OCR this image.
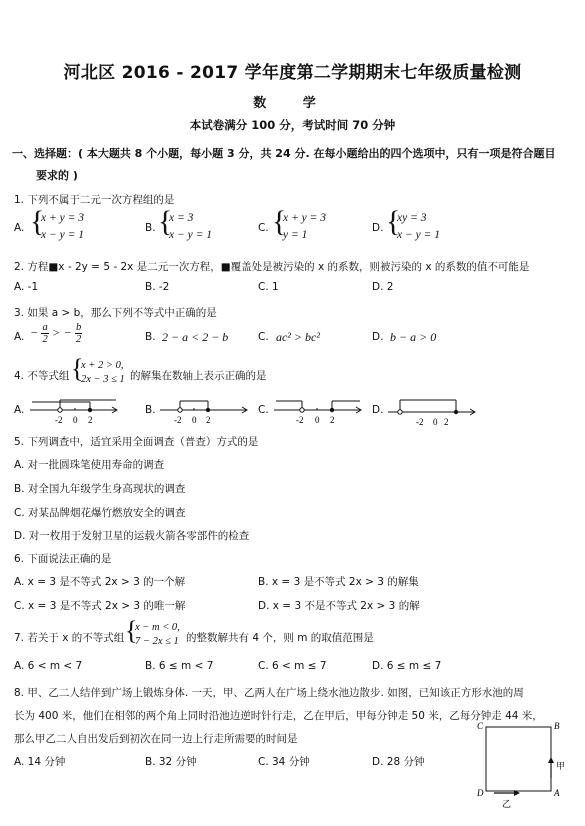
河北区 2016 - 2017 学年度第二学期期末七年级质量检测
数 学
本试卷满分 100 分，考试时间 70 分钟
一、选择题：( 本大题共 8 个小题，每小题 3 分，共 24 分. 在每小题给出的四个选项中，只有一项是符合题目
要求的 )
1. 下列不属于二元一次方程组的是
A. {
x + y = 3
x − y = 1
B. {
x = 3
x − y = 1
C. {
x + y = 3
y = 1
D. {
xy = 3
x − y = 1
2. 方程■x - 2y = 5 - 2x 是二元一次方程，■覆盖处是被污染的 x 的系数，则被污染的 x 的系数的值不可能是
A. -1	B. -2	C. 1	D. 2
3. 如果 a > b，那么下列不等式中正确的是
A. − $\frac{a}{2}$ > − $\frac{b}{2}$	B. 2 − a < 2 − b	C. ac² > bc²	D. b − a > 0
4. 不等式组 {
x + 2 > 0,
2x − 3 ≤ 1 的解集在数轴上表示正确的是
A.
-2 0 2
B.
-2 0 2
C.
-2 0 2
D.
-2 0 2
5. 下列调查中，适宜采用全面调查（普查）方式的是
A. 对一批圆珠笔使用寿命的调查
B. 对全国九年级学生身高现状的调查
C. 对某品牌烟花爆竹燃放安全的调查
D. 对一枚用于发射卫星的运载火箭各零部件的检查
6. 下面说法正确的是
A. x = 3 是不等式 2x > 3 的一个解	B. x = 3 是不等式 2x > 3 的解集
C. x = 3 是不等式 2x > 3 的唯一解	D. x = 3 不是不等式 2x > 3 的解
7. 若关于 x 的不等式组 {
x − m < 0,
7 − 2x ≤ 1 的整数解共有 4 个，则 m 的取值范围是
A. 6 < m < 7	B. 6 ≤ m < 7	C. 6 < m ≤ 7	D. 6 ≤ m ≤ 7
8. 甲、乙二人结伴到广场上锻炼身体. 一天，甲、乙两人在广场上绕水池边散步. 如图，已知该正方形水池的周
长为 400 米，他们在相邻的两个角上同时沿池边逆时针行走，乙在甲后，甲每分钟走 50 米，乙每分钟走 44 米，
那么甲乙二人自出发后到初次在同一边上行走所需要的时间是
A. 14 分钟	B. 32 分钟	C. 34 分钟	D. 28 分钟
C	B
D	A
甲
乙
